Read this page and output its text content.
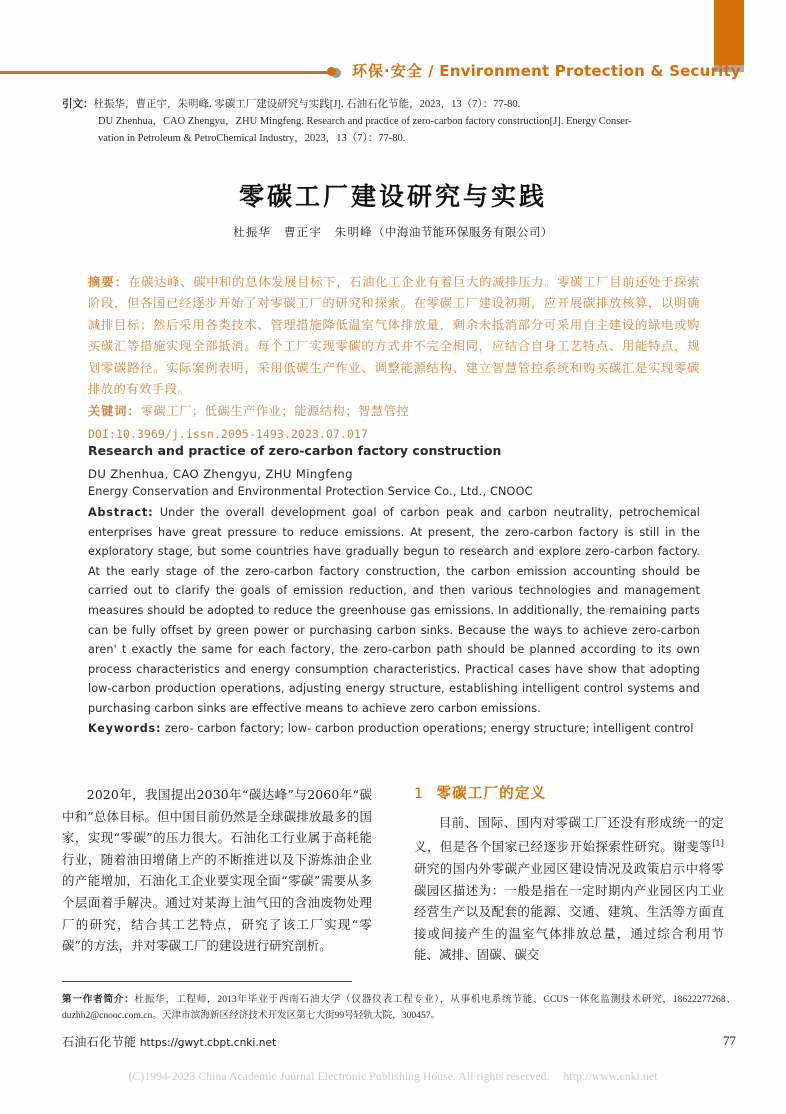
环保·安全 / Environment Protection & Security
引文：杜振华，曹正宇，朱明峰. 零碳工厂建设研究与实践[J]. 石油石化节能，2023，13（7）：77-80.
DU Zhenhua，CAO Zhengyu，ZHU Mingfeng. Research and practice of zero-carbon factory construction[J]. Energy Conser-
vation in Petroleum & PetroChemical Industry，2023，13（7）：77-80.
零碳工厂建设研究与实践
杜振华　曹正宇　朱明峰（中海油节能环保服务有限公司）

摘要：在碳达峰、碳中和的总体发展目标下，石油化工企业有着巨大的减排压力。零碳工厂目前还处于探索阶段，但各国已经逐步开始了对零碳工厂的研究和探索。在零碳工厂建设初期，应开展碳排放核算，以明确减排目标；然后采用各类技术、管理措施降低温室气体排放量，剩余未抵消部分可采用自主建设的绿电或购买碳汇等措施实现全部抵消。每个工厂实现零碳的方式并不完全相同，应结合自身工艺特点、用能特点，规划零碳路径。实际案例表明，采用低碳生产作业、调整能源结构、建立智慧管控系统和购买碳汇是实现零碳排放的有效手段。

关键词：零碳工厂；低碳生产作业；能源结构；智慧管控

DOI:10.3969/j.issn.2095-1493.2023.07.017

Research and practice of zero-carbon factory construction
DU Zhenhua, CAO Zhengyu, ZHU Mingfeng
Energy Conservation and Environmental Protection Service Co., Ltd., CNOOC
Abstract: Under the overall development goal of carbon peak and carbon neutrality, petrochemical enterprises have great pressure to reduce emissions. At present, the zero-carbon factory is still in the exploratory stage, but some countries have gradually begun to research and explore zero-carbon factory. At the early stage of the zero-carbon factory construction, the carbon emission accounting should be carried out to clarify the goals of emission reduction, and then various technologies and management measures should be adopted to reduce the greenhouse gas emissions. In additionally, the remaining parts can be fully offset by green power or purchasing carbon sinks. Because the ways to achieve zero-carbon aren' t exactly the same for each factory, the zero-carbon path should be planned according to its own process characteristics and energy consumption characteristics. Practical cases have show that adopting low-carbon production operations, adjusting energy structure, establishing intelligent control systems and purchasing carbon sinks are effective means to achieve zero carbon emissions.
Keywords: zero- carbon factory; low- carbon production operations; energy structure; intelligent control

2020年，我国提出2030年“碳达峰”与2060年“碳中和”总体目标。但中国目前仍然是全球碳排放最多的国家，实现“零碳”的压力很大。石油化工行业属于高耗能行业，随着油田增储上产的不断推进以及下游炼油企业的产能增加，石油化工企业要实现全面“零碳”需要从多个层面着手解决。通过对某海上油气田的含油废物处理厂的研究，结合其工艺特点，研究了该工厂实现“零碳”的方法，并对零碳工厂的建设进行研究剖析。

1 零碳工厂的定义

目前、国际、国内对零碳工厂还没有形成统一的定义，但是各个国家已经逐步开始探索性研究。谢斐等[1]研究的国内外零碳产业园区建设情况及政策启示中将零碳园区描述为：一般是指在一定时期内产业园区内工业经营生产以及配套的能源、交通、建筑、生活等方面直接或间接产生的温室气体排放总量，通过综合利用节能、减排、固碳、碳交

第一作者简介：杜振华，工程师，2013年毕业于西南石油大学（仪器仪表工程专业），从事机电系统节能、CCUS一体化监测技术研究，18622277268、duzhh2@cnooc.com.cn。天津市滨海新区经济技术开发区第七大街99号轻轨大院，300457。
石油石化节能 https://gwyt.cbpt.cnki.net	77
(C)1994-2023 China Academic Journal Electronic Publishing House. All rights reserved. http://www.cnki.net
